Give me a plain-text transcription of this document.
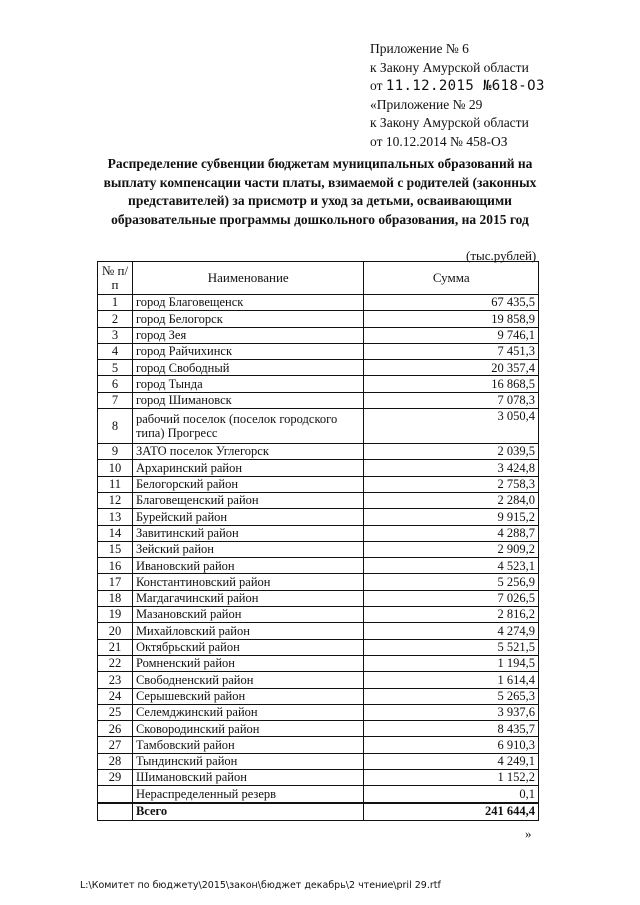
Приложение № 6
к Закону Амурской области
от 11.12.2015 №618-ОЗ
«Приложение № 29
к Закону Амурской области
от 10.12.2014 № 458-ОЗ
Распределение субвенции бюджетам муниципальных образований на выплату компенсации части платы, взимаемой с родителей (законных представителей) за присмотр и уход за детьми, осваивающими образовательные программы дошкольного образования, на 2015 год
(тыс.рублей)
№ п/п	Наименование	Сумма
1	город Благовещенск	67 435,5
2	город Белогорск	19 858,9
3	город Зея	9 746,1
4	город Райчихинск	7 451,3
5	город Свободный	20 357,4
6	город Тында	16 868,5
7	город Шимановск	7 078,3
8	рабочий поселок (поселок городского типа) Прогресс	3 050,4
9	ЗАТО поселок Углегорск	2 039,5
10	Архаринский район	3 424,8
11	Белогорский район	2 758,3
12	Благовещенский район	2 284,0
13	Бурейский район	9 915,2
14	Завитинский район	4 288,7
15	Зейский район	2 909,2
16	Ивановский район	4 523,1
17	Константиновский район	5 256,9
18	Магдагачинский район	7 026,5
19	Мазановский район	2 816,2
20	Михайловский район	4 274,9
21	Октябрьский район	5 521,5
22	Ромненский район	1 194,5
23	Свободненский район	1 614,4
24	Серышевский район	5 265,3
25	Селемджинский район	3 937,6
26	Сковородинский район	8 435,7
27	Тамбовский район	6 910,3
28	Тындинский район	4 249,1
29	Шимановский район	1 152,2
	Нераспределенный резерв	0,1
	Всего	241 644,4
»
L:\Комитет по бюджету\2015\закон\бюджет декабрь\2 чтение\pril 29.rtf
